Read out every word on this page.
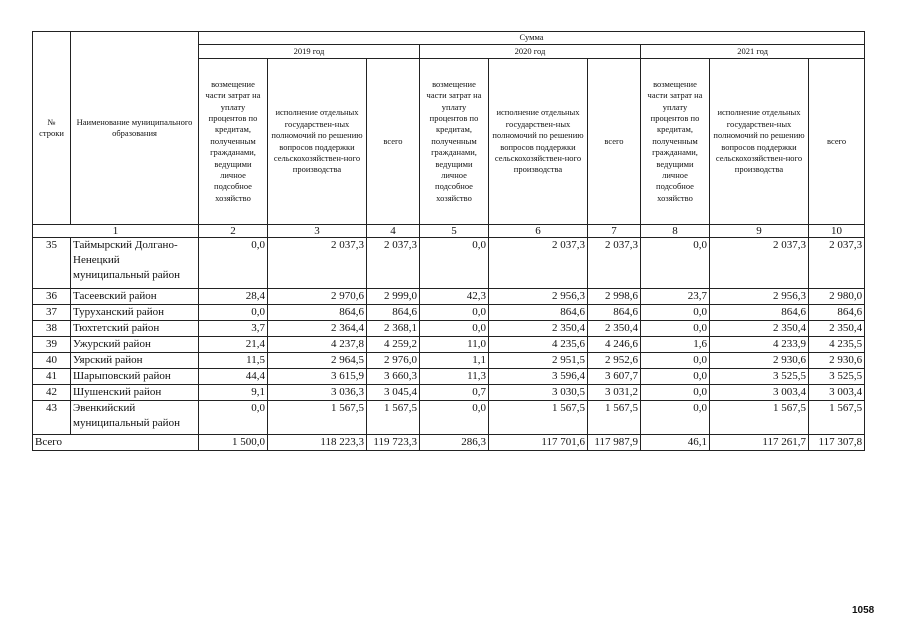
№ строки	Наименование муниципального образования	Сумма								
		2019 год			2020 год			2021 год		
		возмещение части затрат на уплату процентов по кредитам, полученным гражданами, ведущими личное подсобное хозяйство	исполнение отдельных государствен-ных полномочий по решению вопросов поддержки сельскохозяйствен-ного производства	всего	возмещение части затрат на уплату процентов по кредитам, полученным гражданами, ведущими личное подсобное хозяйство	исполнение отдельных государствен-ных полномочий по решению вопросов поддержки сельскохозяйствен-ного производства	всего	возмещение части затрат на уплату процентов по кредитам, полученным гражданами, ведущими личное подсобное хозяйство	исполнение отдельных государствен-ных полномочий по решению вопросов поддержки сельскохозяйствен-ного производства	всего
1		2	3	4	5	6	7	8	9	10
35	Таймырский Долгано-Ненецкий муниципальный район	0,0	2 037,3	2 037,3	0,0	2 037,3	2 037,3	0,0	2 037,3	2 037,3
36	Тасеевский район	28,4	2 970,6	2 999,0	42,3	2 956,3	2 998,6	23,7	2 956,3	2 980,0
37	Туруханский район	0,0	864,6	864,6	0,0	864,6	864,6	0,0	864,6	864,6
38	Тюхтетский район	3,7	2 364,4	2 368,1	0,0	2 350,4	2 350,4	0,0	2 350,4	2 350,4
39	Ужурский район	21,4	4 237,8	4 259,2	11,0	4 235,6	4 246,6	1,6	4 233,9	4 235,5
40	Уярский район	11,5	2 964,5	2 976,0	1,1	2 951,5	2 952,6	0,0	2 930,6	2 930,6
41	Шарыповский район	44,4	3 615,9	3 660,3	11,3	3 596,4	3 607,7	0,0	3 525,5	3 525,5
42	Шушенский район	9,1	3 036,3	3 045,4	0,7	3 030,5	3 031,2	0,0	3 003,4	3 003,4
43	Эвенкийский муниципальный район	0,0	1 567,5	1 567,5	0,0	1 567,5	1 567,5	0,0	1 567,5	1 567,5
Всего		1 500,0	118 223,3	119 723,3	286,3	117 701,6	117 987,9	46,1	117 261,7	117 307,8
1058
